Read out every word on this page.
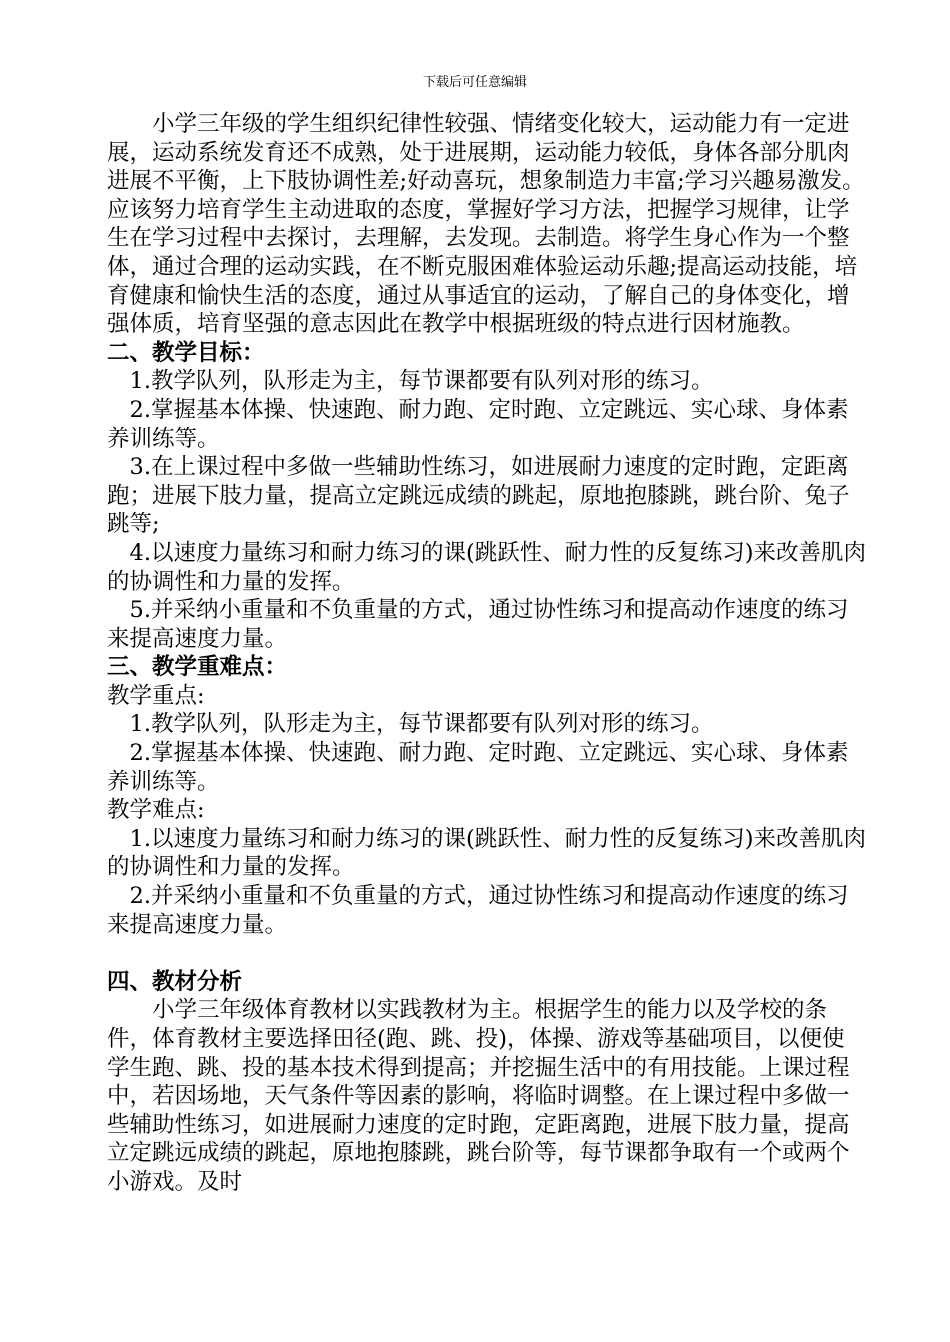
下载后可任意编辑

小学三年级的学生组织纪律性较强、情绪变化较大，运动能力有一定进展，运动系统发育还不成熟，处于进展期，运动能力较低，身体各部分肌肉进展不平衡，上下肢协调性差;好动喜玩，想象制造力丰富;学习兴趣易激发。应该努力培育学生主动进取的态度，掌握好学习方法，把握学习规律，让学生在学习过程中去探讨，去理解，去发现。去制造。将学生身心作为一个整体，通过合理的运动实践，在不断克服困难体验运动乐趣;提高运动技能，培育健康和愉快生活的态度，通过从事适宜的运动，了解自己的身体变化，增强体质，培育坚强的意志因此在教学中根据班级的特点进行因材施教。

二、教学目标：

1.教学队列，队形走为主，每节课都要有队列对形的练习。

2.掌握基本体操、快速跑、耐力跑、定时跑、立定跳远、实心球、身体素养训练等。

3.在上课过程中多做一些辅助性练习，如进展耐力速度的定时跑，定距离跑；进展下肢力量，提高立定跳远成绩的跳起，原地抱膝跳，跳台阶、兔子跳等;

4.以速度力量练习和耐力练习的课(跳跃性、耐力性的反复练习)来改善肌肉的协调性和力量的发挥。

5.并采纳小重量和不负重量的方式，通过协性练习和提高动作速度的练习来提高速度力量。

三、教学重难点：

教学重点:

1.教学队列，队形走为主，每节课都要有队列对形的练习。

2.掌握基本体操、快速跑、耐力跑、定时跑、立定跳远、实心球、身体素养训练等。

教学难点:

1.以速度力量练习和耐力练习的课(跳跃性、耐力性的反复练习)来改善肌肉的协调性和力量的发挥。

2.并采纳小重量和不负重量的方式，通过协性练习和提高动作速度的练习来提高速度力量。

四、教材分析

小学三年级体育教材以实践教材为主。根据学生的能力以及学校的条件，体育教材主要选择田径(跑、跳、投)，体操、游戏等基础项目，以便使学生跑、跳、投的基本技术得到提高；并挖掘生活中的有用技能。上课过程中，若因场地，天气条件等因素的影响，将临时调整。在上课过程中多做一些辅助性练习，如进展耐力速度的定时跑，定距离跑，进展下肢力量，提高立定跳远成绩的跳起，原地抱膝跳，跳台阶等，每节课都争取有一个或两个小游戏。及时
